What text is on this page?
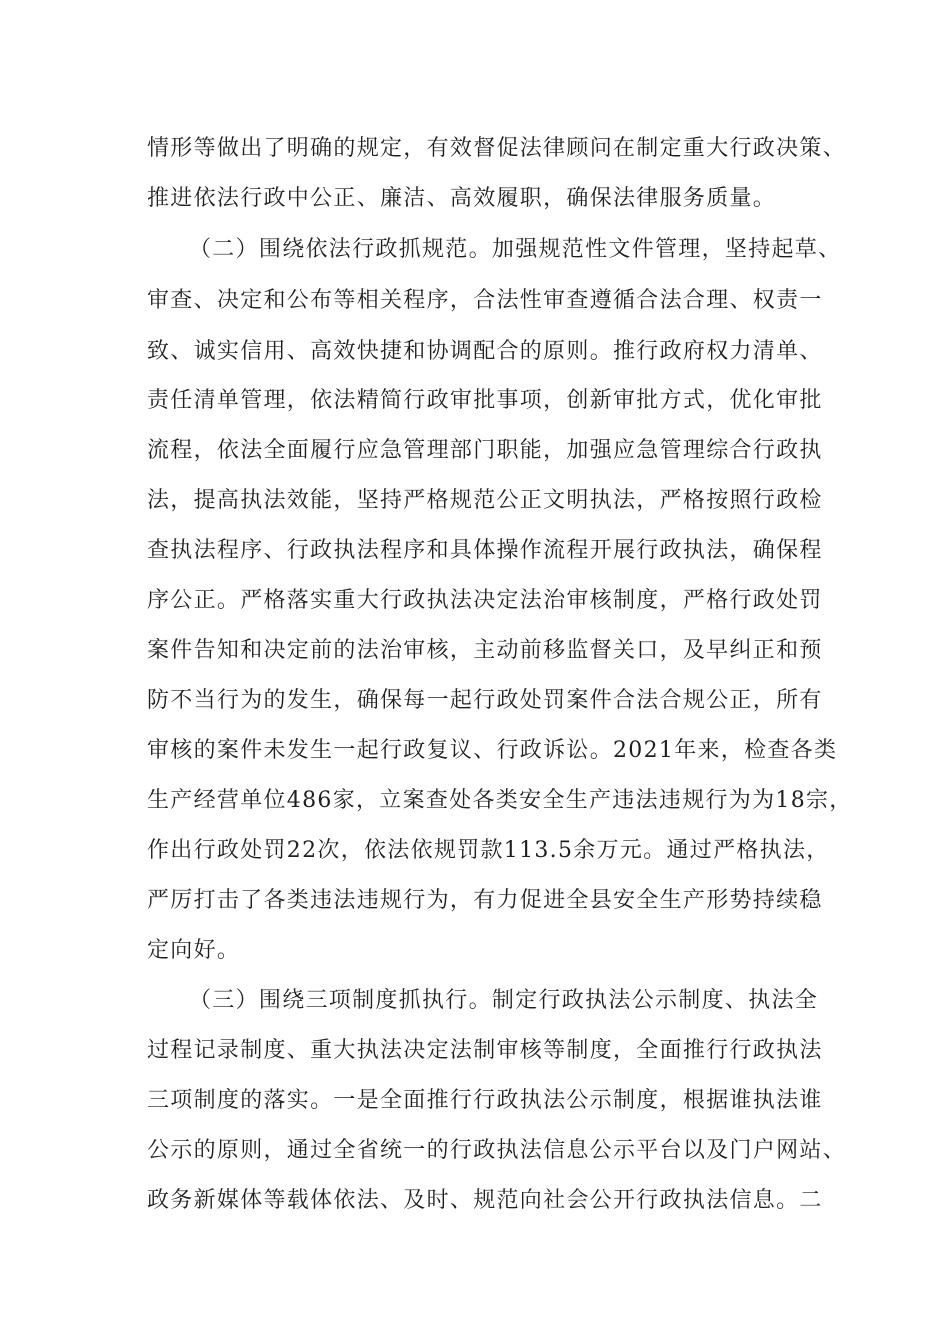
情形等做出了明确的规定，有效督促法律顾问在制定重大行政决策、
推进依法行政中公正、廉洁、高效履职，确保法律服务质量。
（二）围绕依法行政抓规范。加强规范性文件管理，坚持起草、
审查、决定和公布等相关程序，合法性审查遵循合法合理、权责一
致、诚实信用、高效快捷和协调配合的原则。推行政府权力清单、
责任清单管理，依法精简行政审批事项，创新审批方式，优化审批
流程，依法全面履行应急管理部门职能，加强应急管理综合行政执
法，提高执法效能，坚持严格规范公正文明执法，严格按照行政检
查执法程序、行政执法程序和具体操作流程开展行政执法，确保程
序公正。严格落实重大行政执法决定法治审核制度，严格行政处罚
案件告知和决定前的法治审核，主动前移监督关口，及早纠正和预
防不当行为的发生，确保每一起行政处罚案件合法合规公正，所有
审核的案件未发生一起行政复议、行政诉讼。2021年来，检查各类
生产经营单位486家，立案查处各类安全生产违法违规行为为18宗，
作出行政处罚22次，依法依规罚款113.5余万元。通过严格执法，
严厉打击了各类违法违规行为，有力促进全县安全生产形势持续稳
定向好。
（三）围绕三项制度抓执行。制定行政执法公示制度、执法全
过程记录制度、重大执法决定法制审核等制度，全面推行行政执法
三项制度的落实。一是全面推行行政执法公示制度，根据谁执法谁
公示的原则，通过全省统一的行政执法信息公示平台以及门户网站、
政务新媒体等载体依法、及时、规范向社会公开行政执法信息。二
